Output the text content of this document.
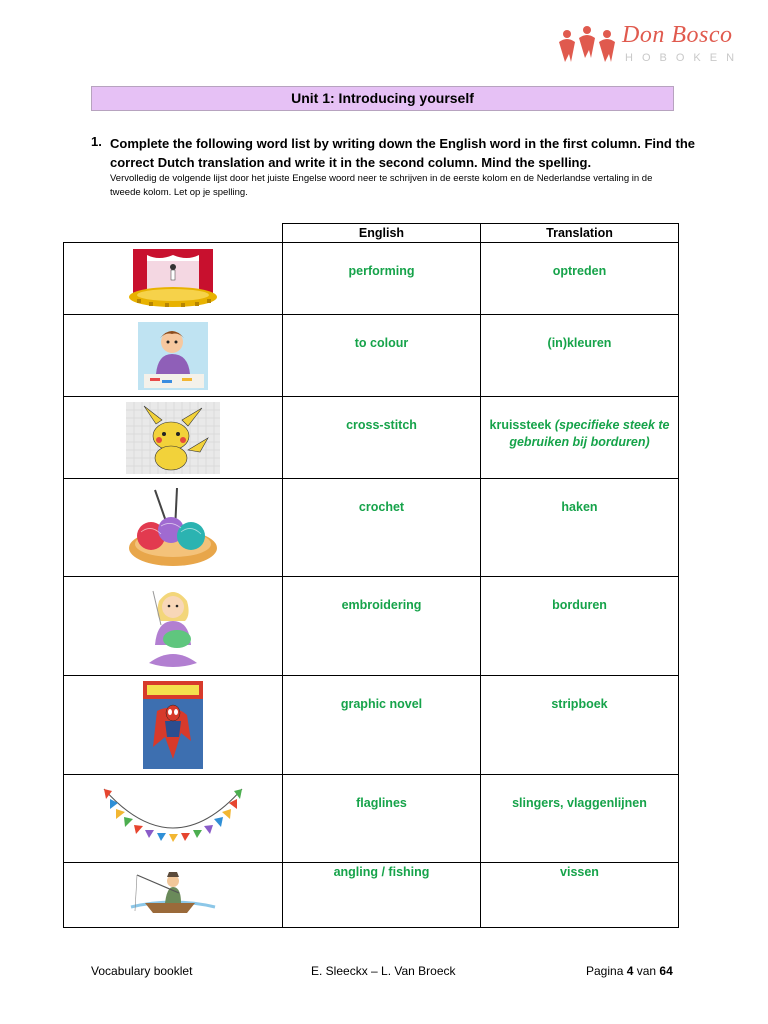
Don Bosco
HOBOKEN
Unit 1: Introducing yourself
1. Complete the following word list by writing down the English word in the first column. Find the correct Dutch translation and write it in the second column. Mind the spelling.
Vervolledig de volgende lijst door het juiste Engelse woord neer te schrijven in de eerste kolom en de Nederlandse vertaling in de tweede kolom. Let op je spelling.
	English	Translation

	performing	optreden

	to colour	(in)kleuren

	cross-stitch	kruissteek (specifieke steek te gebruiken bij borduren)

	crochet	haken

	embroidering	borduren

	graphic novel	stripboek

	flaglines	slingers, vlaggenlijnen

	angling / fishing	vissen
Vocabulary booklet	E. Sleeckx – L. Van Broeck	Pagina 4 van 64
